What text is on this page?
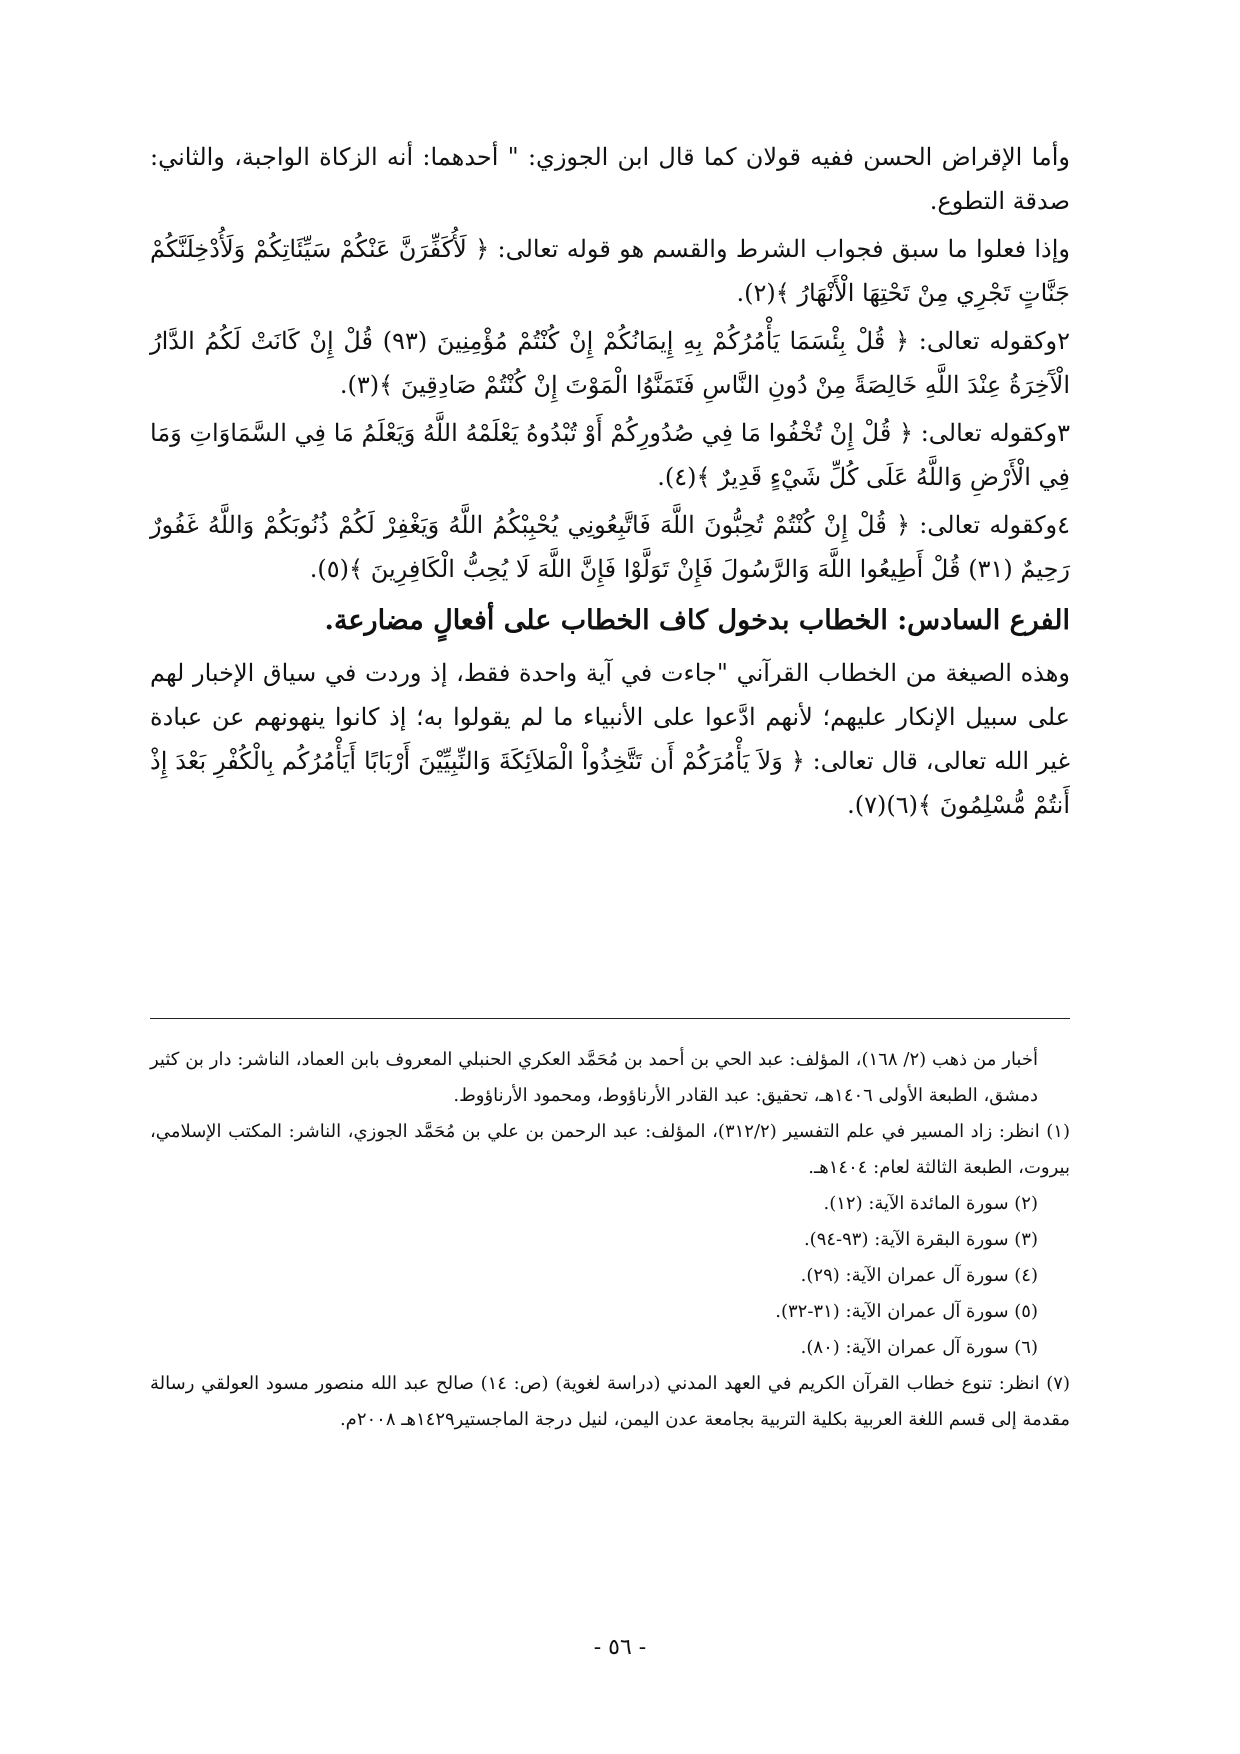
وأما الإقراض الحسن ففيه قولان كما قال ابن الجوزي: " أحدهما: أنه الزكاة الواجبة، والثاني: صدقة التطوع.

وإذا فعلوا ما سبق فجواب الشرط والقسم هو قوله تعالى: ﴿ لَأُكَفِّرَنَّ عَنْكُمْ سَيِّئَاتِكُمْ وَلَأُدْخِلَنَّكُمْ جَنَّاتٍ تَجْرِي مِنْ تَحْتِهَا الْأَنْهَارُ ﴾(٢).

٢وكقوله تعالى: ﴿ قُلْ بِئْسَمَا يَأْمُرُكُمْ بِهِ إِيمَانُكُمْ إِنْ كُنْتُمْ مُؤْمِنِينَ (٩٣) قُلْ إِنْ كَانَتْ لَكُمُ الدَّارُ الْآَخِرَةُ عِنْدَ اللَّهِ خَالِصَةً مِنْ دُونِ النَّاسِ فَتَمَنَّوُا الْمَوْتَ إِنْ كُنْتُمْ صَادِقِينَ ﴾(٣).

٣وكقوله تعالى: ﴿ قُلْ إِنْ تُخْفُوا مَا فِي صُدُورِكُمْ أَوْ تُبْدُوهُ يَعْلَمْهُ اللَّهُ وَيَعْلَمُ مَا فِي السَّمَاوَاتِ وَمَا فِي الْأَرْضِ وَاللَّهُ عَلَى كُلِّ شَيْءٍ قَدِيرٌ ﴾(٤).

٤وكقوله تعالى: ﴿ قُلْ إِنْ كُنْتُمْ تُحِبُّونَ اللَّهَ فَاتَّبِعُونِي يُحْبِبْكُمُ اللَّهُ وَيَغْفِرْ لَكُمْ ذُنُوبَكُمْ وَاللَّهُ غَفُورٌ رَحِيمٌ (٣١) قُلْ أَطِيعُوا اللَّهَ وَالرَّسُولَ فَإِنْ تَوَلَّوْا فَإِنَّ اللَّهَ لَا يُحِبُّ الْكَافِرِينَ ﴾(٥).

الفرع السادس: الخطاب بدخول كاف الخطاب على أفعالٍ مضارعة.

وهذه الصيغة من الخطاب القرآني "جاءت في آية واحدة فقط، إذ وردت في سياق الإخبار لهم على سبيل الإنكار عليهم؛ لأنهم ادَّعوا على الأنبياء ما لم يقولوا به؛ إذ كانوا ينهونهم عن عبادة غير الله تعالى، قال تعالى: ﴿ وَلاَ يَأْمُرَكُمْ أَن تَتَّخِذُواْ الْمَلاَئِكَةَ وَالنِّبِيِّيْنَ أَرْبَابًا أَيَأْمُرُكُم بِالْكُفْرِ بَعْدَ إِذْ أَنتُمْ مُّسْلِمُونَ ﴾(٦)(٧).

أخبار من ذهب (٢/ ١٦٨)، المؤلف: عبد الحي بن أحمد بن مُحَمَّد العكري الحنبلي المعروف بابن العماد، الناشر: دار بن كثير دمشق، الطبعة الأولى ١٤٠٦هـ، تحقيق: عبد القادر الأرناؤوط، ومحمود الأرناؤوط.

(١) انظر: زاد المسير في علم التفسير (٣١٢/٢)، المؤلف: عبد الرحمن بن علي بن مُحَمَّد الجوزي، الناشر: المكتب الإسلامي، بيروت، الطبعة الثالثة لعام: ١٤٠٤هـ.

(٢) سورة المائدة الآية: (١٢).

(٣) سورة البقرة الآية: (٩٣-٩٤).

(٤) سورة آل عمران الآية: (٢٩).

(٥) سورة آل عمران الآية: (٣١-٣٢).

(٦) سورة آل عمران الآية: (٨٠).

(٧) انظر: تنوع خطاب القرآن الكريم في العهد المدني (دراسة لغوية) (ص: ١٤) صالح عبد الله منصور مسود العولقي رسالة مقدمة إلى قسم اللغة العربية بكلية التربية بجامعة عدن اليمن، لنيل درجة الماجستير١٤٢٩هـ ٢٠٠٨م.

- ٥٦ -
